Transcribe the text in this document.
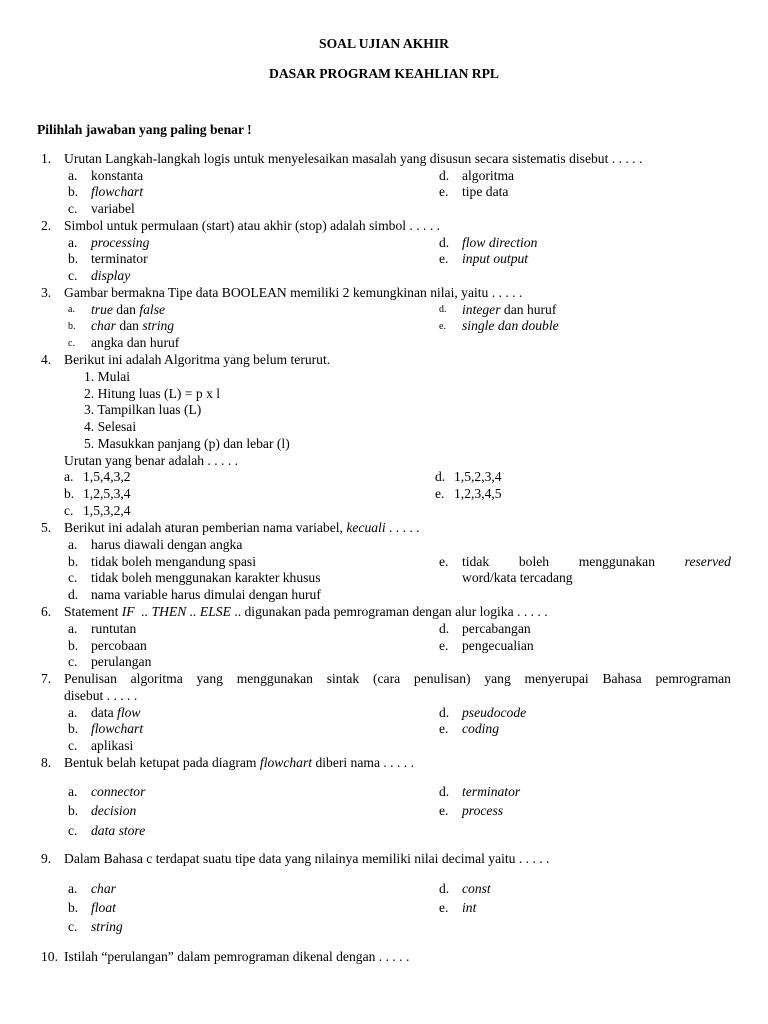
SOAL UJIAN AKHIR
DASAR PROGRAM KEAHLIAN RPL
Pilihlah jawaban yang paling benar !
1. Urutan Langkah-langkah logis untuk menyelesaikan masalah yang disusun secara sistematis disebut . . . . .
a. konstanta
b. flowchart
c. variabel
d. algoritma
e. tipe data
2. Simbol untuk permulaan (start) atau akhir (stop) adalah simbol . . . . .
a. processing
b. terminator
c. display
d. flow direction
e. input output
3. Gambar bermakna Tipe data BOOLEAN memiliki 2 kemungkinan nilai, yaitu . . . . .
a. true dan false
b. char dan string
c. angka dan huruf
d. integer dan huruf
e. single dan double
4. Berikut ini adalah Algoritma yang belum terurut.
1. Mulai
2. Hitung luas (L) = p x l
3. Tampilkan luas (L)
4. Selesai
5. Masukkan panjang (p) dan lebar (l)
Urutan yang benar adalah . . . . .
a. 1,5,4,3,2
b. 1,2,5,3,4
c. 1,5,3,2,4
d. 1,5,2,3,4
e. 1,2,3,4,5
5. Berikut ini adalah aturan pemberian nama variabel, kecuali . . . . .
a. harus diawali dengan angka
b. tidak boleh mengandung spasi
c. tidak boleh menggunakan karakter khusus
d. nama variable harus dimulai dengan huruf
e. tidak boleh menggunakan reserved
word/kata tercadang
6. Statement IF  .. THEN .. ELSE .. digunakan pada pemrograman dengan alur logika . . . . .
a. runtutan
b. percobaan
c. perulangan
d. percabangan
e. pengecualian
7. Penulisan algoritma yang menggunakan sintak (cara penulisan) yang menyerupai Bahasa pemrograman
disebut . . . . .
a. data flow
b. flowchart
c. aplikasi
d. pseudocode
e. coding
8. Bentuk belah ketupat pada diagram flowchart diberi nama . . . . .
a. connector
b. decision
c. data store
d. terminator
e. process
9. Dalam Bahasa c terdapat suatu tipe data yang nilainya memiliki nilai decimal yaitu . . . . .
a. char
b. float
c. string
d. const
e. int
10. Istilah “perulangan” dalam pemrograman dikenal dengan . . . . .
